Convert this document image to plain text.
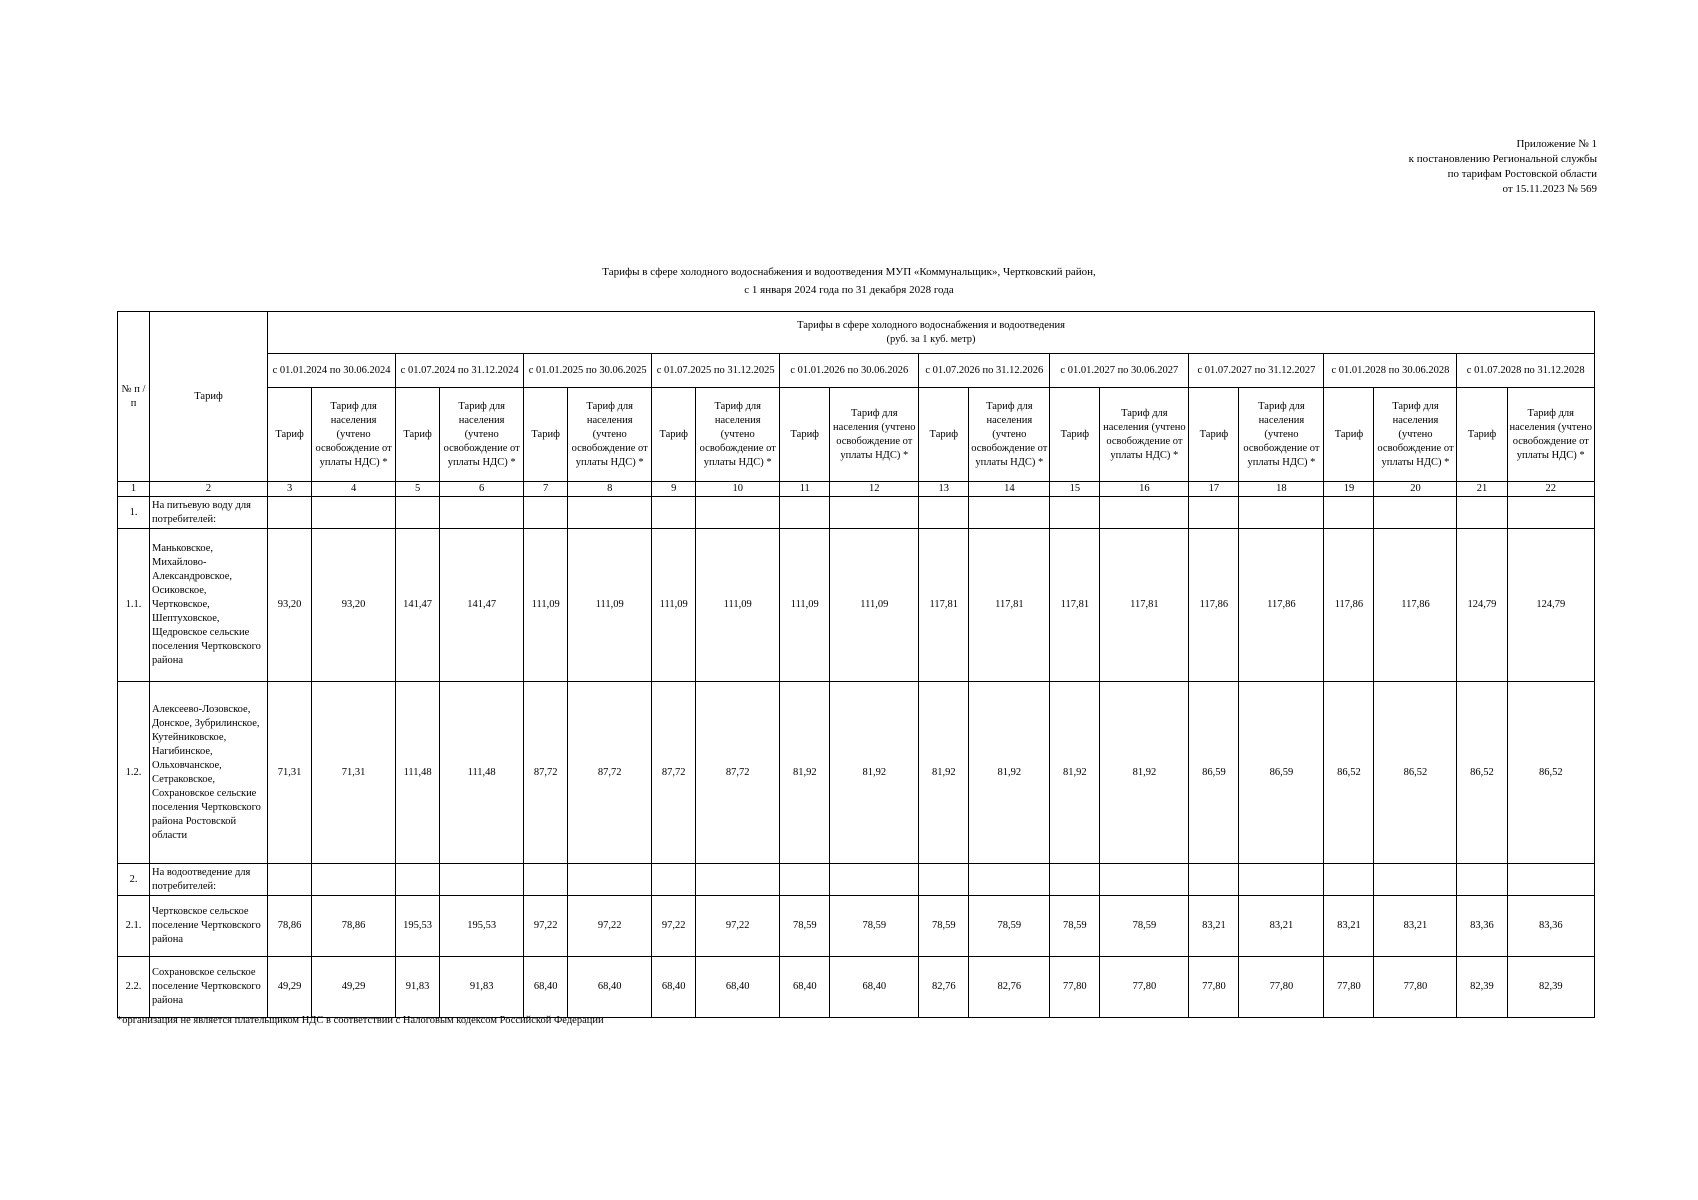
Приложение № 1
к постановлению Региональной службы
по тарифам Ростовской области
от 15.11.2023 № 569
Тарифы в сфере холодного водоснабжения и водоотведения МУП «Коммунальщик», Чертковский район,
с 1 января 2024 года по 31 декабря 2028 года
№ п /п	Тариф	Тарифы в сфере холодного водоснабжения и водоотведения
(руб. за 1 куб. метр)																			

		с 01.01.2024 по 30.06.2024		с 01.07.2024 по 31.12.2024		с 01.01.2025 по 30.06.2025		с 01.07.2025 по 31.12.2025		с 01.01.2026 по 30.06.2026		с 01.07.2026 по 31.12.2026		с 01.01.2027 по 30.06.2027		с 01.07.2027 по 31.12.2027		с 01.01.2028 по 30.06.2028		с 01.07.2028 по 31.12.2028	
		Тариф	Тариф для населения (учтено освобождение от уплаты НДС) *	Тариф	Тариф для населения (учтено освобождение от уплаты НДС) *	Тариф	Тариф для населения (учтено освобождение от уплаты НДС) *	Тариф	Тариф для населения (учтено освобождение от уплаты НДС) *	Тариф	Тариф для населения (учтено освобождение от уплаты НДС) *	Тариф	Тариф для населения (учтено освобождение от уплаты НДС) *	Тариф	Тариф для населения (учтено освобождение от уплаты НДС) *	Тариф	Тариф для населения (учтено освобождение от уплаты НДС) *	Тариф	Тариф для населения (учтено освобождение от уплаты НДС) *	Тариф	Тариф для населения (учтено освобождение от уплаты НДС) *
1	2	3	4	5	6	7	8	9	10	11	12	13	14	15	16	17	18	19	20	21	22
1.	На питьевую воду для потребителей:																				
1.1.	Маньковское, Михайлово-Александровское, Осиковское, Чертковское, Шептуховское, Щедровское сельские поселения Чертковского района	93,20	93,20	141,47	141,47	111,09	111,09	111,09	111,09	111,09	111,09	117,81	117,81	117,81	117,81	117,86	117,86	117,86	117,86	124,79	124,79
1.2.	Алексеево-Лозовское, Донское, Зубрилинское, Кутейниковское, Нагибинское, Ольховчанское, Сетраковское, Сохрановское сельские поселения Чертковского района Ростовской области	71,31	71,31	111,48	111,48	87,72	87,72	87,72	87,72	81,92	81,92	81,92	81,92	81,92	81,92	86,59	86,59	86,52	86,52	86,52	86,52
2.	На водоотведение для потребителей:																				
2.1.	Чертковское сельское поселение Чертковского района	78,86	78,86	195,53	195,53	97,22	97,22	97,22	97,22	78,59	78,59	78,59	78,59	78,59	78,59	83,21	83,21	83,21	83,21	83,36	83,36
2.2.	Сохрановское сельское поселение Чертковского района	49,29	49,29	91,83	91,83	68,40	68,40	68,40	68,40	68,40	68,40	82,76	82,76	77,80	77,80	77,80	77,80	77,80	77,80	82,39	82,39
*организация не является плательщиком НДС в соответствии с Налоговым кодексом Российской Федерации
